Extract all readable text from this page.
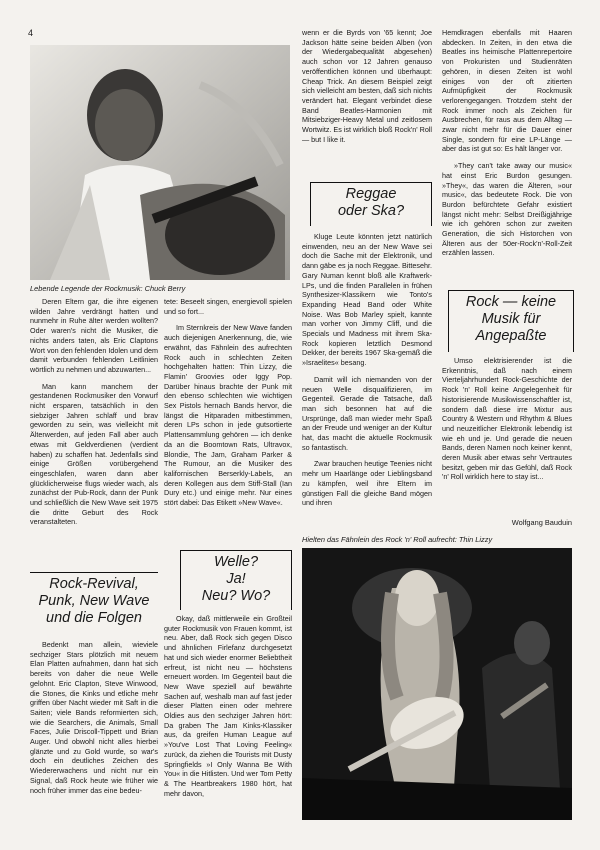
4
Lebende Legende der Rockmusik: Chuck Berry

Deren Eltern gar, die ihre eigenen wilden Jahre verdrängt hatten und nunmehr in Ruhe älter werden wollten? Oder waren's nicht die Musiker, die nichts anders taten, als Eric Claptons Wort von den fehlenden Idolen und dem damit verbunden fehlenden Leitlinien wörtlich zu nehmen und abzuwarten...

Man kann manchem der gestandenen Rockmusiker den Vorwurf nicht ersparen, tatsächlich in den siebziger Jahren schlaff und brav geworden zu sein, was vielleicht mit Älterwerden, auf jeden Fall aber auch etwas mit Geldverdienen (verdient haben) zu schaffen hat. Jedenfalls sind einige Größen vorübergehend eingeschlafen, waren dann aber glücklicherweise flugs wieder wach, als zunächst der Pub-Rock, dann der Punk und schließlich die New Wave seit 1975 die dritte Geburt des Rock veranstalteten.

Rock-Revival,
Punk, New Wave
und die Folgen

Bedenkt man allein, wieviele sechziger Stars plötzlich mit neuem Elan Platten aufnahmen, dann hat sich bereits von daher die neue Welle gelohnt. Eric Clapton, Steve Winwood, die Stones, die Kinks und etliche mehr griffen über Nacht wieder mit Saft in die Saiten; viele Bands reformierten sich, wie die Searchers, die Animals, Small Faces, Julie Driscoll-Tippett und Brian Auger. Und obwohl nicht alles hierbei glänzte und zu Gold wurde, so war's doch ein deutliches Zeichen des Wiedererwachens und nicht nur ein Signal, daß Rock heute wie früher wie noch früher immer das eine bedeu-

tete: Beseelt singen, energievoll spielen und so fort...

Im Sternkreis der New Wave fanden auch diejenigen Anerkennung, die, wie erwähnt, das Fähnlein des aufrechten Rock auch in schlechten Zeiten hochgehalten hatten: Thin Lizzy, die Flamin' Groovies oder Iggy Pop. Darüber hinaus brachte der Punk mit den ebenso schlechten wie wichtigen Sex Pistols hernach Bands hervor, die längst die Hitparaden mitbestimmen, deren LPs schon in jede gutsortierte Plattensammlung gehören — ich denke da an die Boomtown Rats, Ultravox, Blondie, The Jam, Graham Parker & The Rumour, an die Musiker des kalifornischen Berserkly-Labels, an deren Kollegen aus dem Stiff-Stall (Ian Dury etc.) und einige mehr. Nur eines stört dabei: Das Etikett »New Wave«.

Welle?
Ja!
Neu? Wo?

Okay, daß mittlerweile ein Großteil guter Rockmusik von Frauen kommt, ist neu. Aber, daß Rock sich gegen Disco und ähnlichen Firlefanz durchgesetzt hat und sich wieder enormer Beliebtheit erfreut, ist nicht neu — höchstens erneuert worden. Im Gegenteil baut die New Wave speziell auf bewährte Sachen auf, weshalb man auf fast jeder dieser Platten einen oder mehrere Oldies aus den sechziger Jahren hört: Da graben The Jam Kinks-Klassiker aus, da greifen Human League auf »You've Lost That Loving Feeling« zurück, da ziehen die Tourists mit Dusty Springfields »I Only Wanna Be With You« in die Hitlisten. Und wer Tom Petty & The Heartbreakers 1980 hört, hat mehr davon,

wenn er die Byrds von '65 kennt; Joe Jackson hätte seine beiden Alben (von der Wiedergabequalität abgesehen) auch schon vor 12 Jahren genauso veröffentlichen können und überhaupt: Cheap Trick. An diesem Beispiel zeigt sich vielleicht am besten, daß sich nichts verändert hat. Elegant verbindet diese Band Beatles-Harmonien mit Mitsiebziger-Heavy Metal und zeitlosem Wortwitz. Es ist wirklich bloß Rock'n' Roll — but I like it.

Reggae
oder Ska?

Kluge Leute könnten jetzt natürlich einwenden, neu an der New Wave sei doch die Sache mit der Elektronik, und dann gäbe es ja noch Reggae. Bittesehr. Gary Numan kennt bloß alle Kraftwerk-LPs, und die finden Parallelen in frühen Synthesizer-Klassikern wie Tonto's Expanding Head Band oder White Noise. Was Bob Marley spielt, kannte man vorher von Jimmy Cliff, und die Specials und Madness mit ihrem Ska-Rock kopieren letztlich Desmond Dekker, der bereits 1967 Ska-gemäß die »Israelites« besang.

Damit will ich niemanden von der neuen Welle disqualifizieren, im Gegenteil. Gerade die Tatsache, daß man sich besonnen hat auf die Ursprünge, daß man wieder mehr Spaß an der Freude und weniger an der Kultur hat, das macht die aktuelle Rockmusik so fantastisch.

Zwar brauchen heutige Teenies nicht mehr um Haarlänge oder Lieblingsband zu kämpfen, weil ihre Eltern im günstigen Fall die gleiche Band mögen und ihren

Hemdkragen ebenfalls mit Haaren abdecken. In Zeiten, in den etwa die Beatles ins heimische Plattenrepertoire von Prokuristen und Studienräten gehören, in diesen Zeiten ist wohl einiges von der oft zitierten Aufmüpfigkeit der Rockmusik verlorengegangen. Trotzdem steht der Rock immer noch als Zeichen für Ausbrechen, für raus aus dem Alltag — zwar nicht mehr für die Dauer einer Single, sondern für eine LP-Länge — aber das ist gut so: Es hält länger vor.

»They can't take away our music« hat einst Eric Burdon gesungen. »They«, das waren die Älteren, »our music«, das bedeutete Rock. Die von Burdon befürchtete Gefahr existiert längst nicht mehr: Selbst Dreißigjährige wie ich gehören schon zur zweiten Generation, die sich Historchen von Älteren aus der 50er-Rock'n'-Roll-Zeit erzählen lassen.

Rock — keine
Musik für
Angepaßte

Umso elektrisierender ist die Erkenntnis, daß nach einem Vierteljahrhundert Rock-Geschichte der Rock 'n' Roll keine Angelegenheit für historisierende Musikwissenschaftler ist, sondern daß diese irre Mixtur aus Country & Western und Rhythm & Blues und neuzeitlicher Elektronik lebendig ist wie eh und je. Und gerade die neuen Bands, deren Namen noch keiner kennt, deren Musik aber etwas sehr Vertrautes besitzt, geben mir das Gefühl, daß Rock 'n' Roll wirklich here to stay ist...

Wolfgang Bauduin
Hielten das Fähnlein des Rock 'n' Roll aufrecht: Thin Lizzy
